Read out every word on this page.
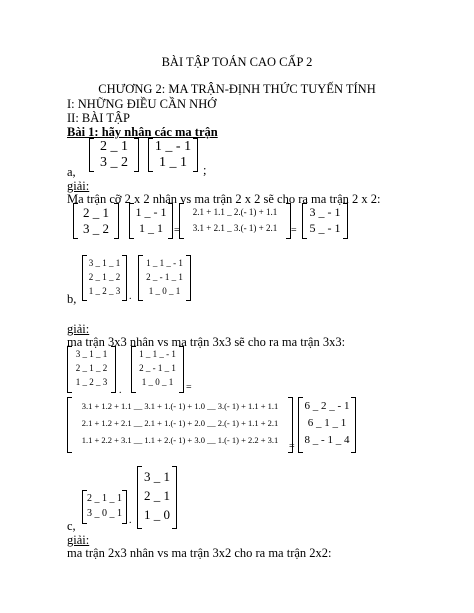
BÀI TẬP TOÁN CAO CẤP 2
CHƯƠNG 2: MA TRẬN-ĐỊNH THỨC TUYẾN TÍNH
I: NHỮNG ĐIỀU CẦN NHỚ
II: BÀI TẬP
Bài 1: hãy nhân các ma trận
2 _ 1
3 _ 2
1 _ - 1
1 _ 1
a,	;
giải:
Ma trận cỡ 2 x 2 nhân vs ma trận 2 x 2 sẽ cho ra ma trận 2 x 2:
2 _ 1
3 _ 2
1 _ - 1
1 _ 1	=
2.1 + 1.1 _ 2.(- 1) + 1.1
3.1 + 2.1 _ 3.(- 1) + 2.1	=
3 _ - 1
5 _ - 1
3 _ 1 _ 1
2 _ 1 _ 2
1 _ 2 _ 3 .
1 _ 1 _ - 1
2 _ - 1 _ 1
1 _ 0 _ 1
b,
giải:
ma trận 3x3 nhân vs ma trận 3x3 sẽ cho ra ma trận 3x3:
3 _ 1 _ 1
2 _ 1 _ 2
1 _ 2 _ 3
.
1 _ 1 _ - 1
2 _ - 1 _ 1
1 _ 0 _ 1	=
3.1 + 1.2 + 1.1 __ 3.1 + 1.(- 1) + 1.0 __ 3.(- 1) + 1.1 + 1.1
2.1 + 1.2 + 2.1 __ 2.1 + 1.(- 1) + 2.0 __ 2.(- 1) + 1.1 + 2.1
1.1 + 2.2 + 3.1 __ 1.1 + 2.(- 1) + 3.0 __ 1.(- 1) + 2.2 + 3.1
=
6 _ 2 _ - 1
6 _ 1 _ 1
8 _ - 1 _ 4
2 _ 1 _ 1
3 _ 0 _ 1
.
3 _ 1
2 _ 1
1 _ 0
c,
giải:
ma trận 2x3 nhân vs ma trận 3x2 cho ra ma trận 2x2:
